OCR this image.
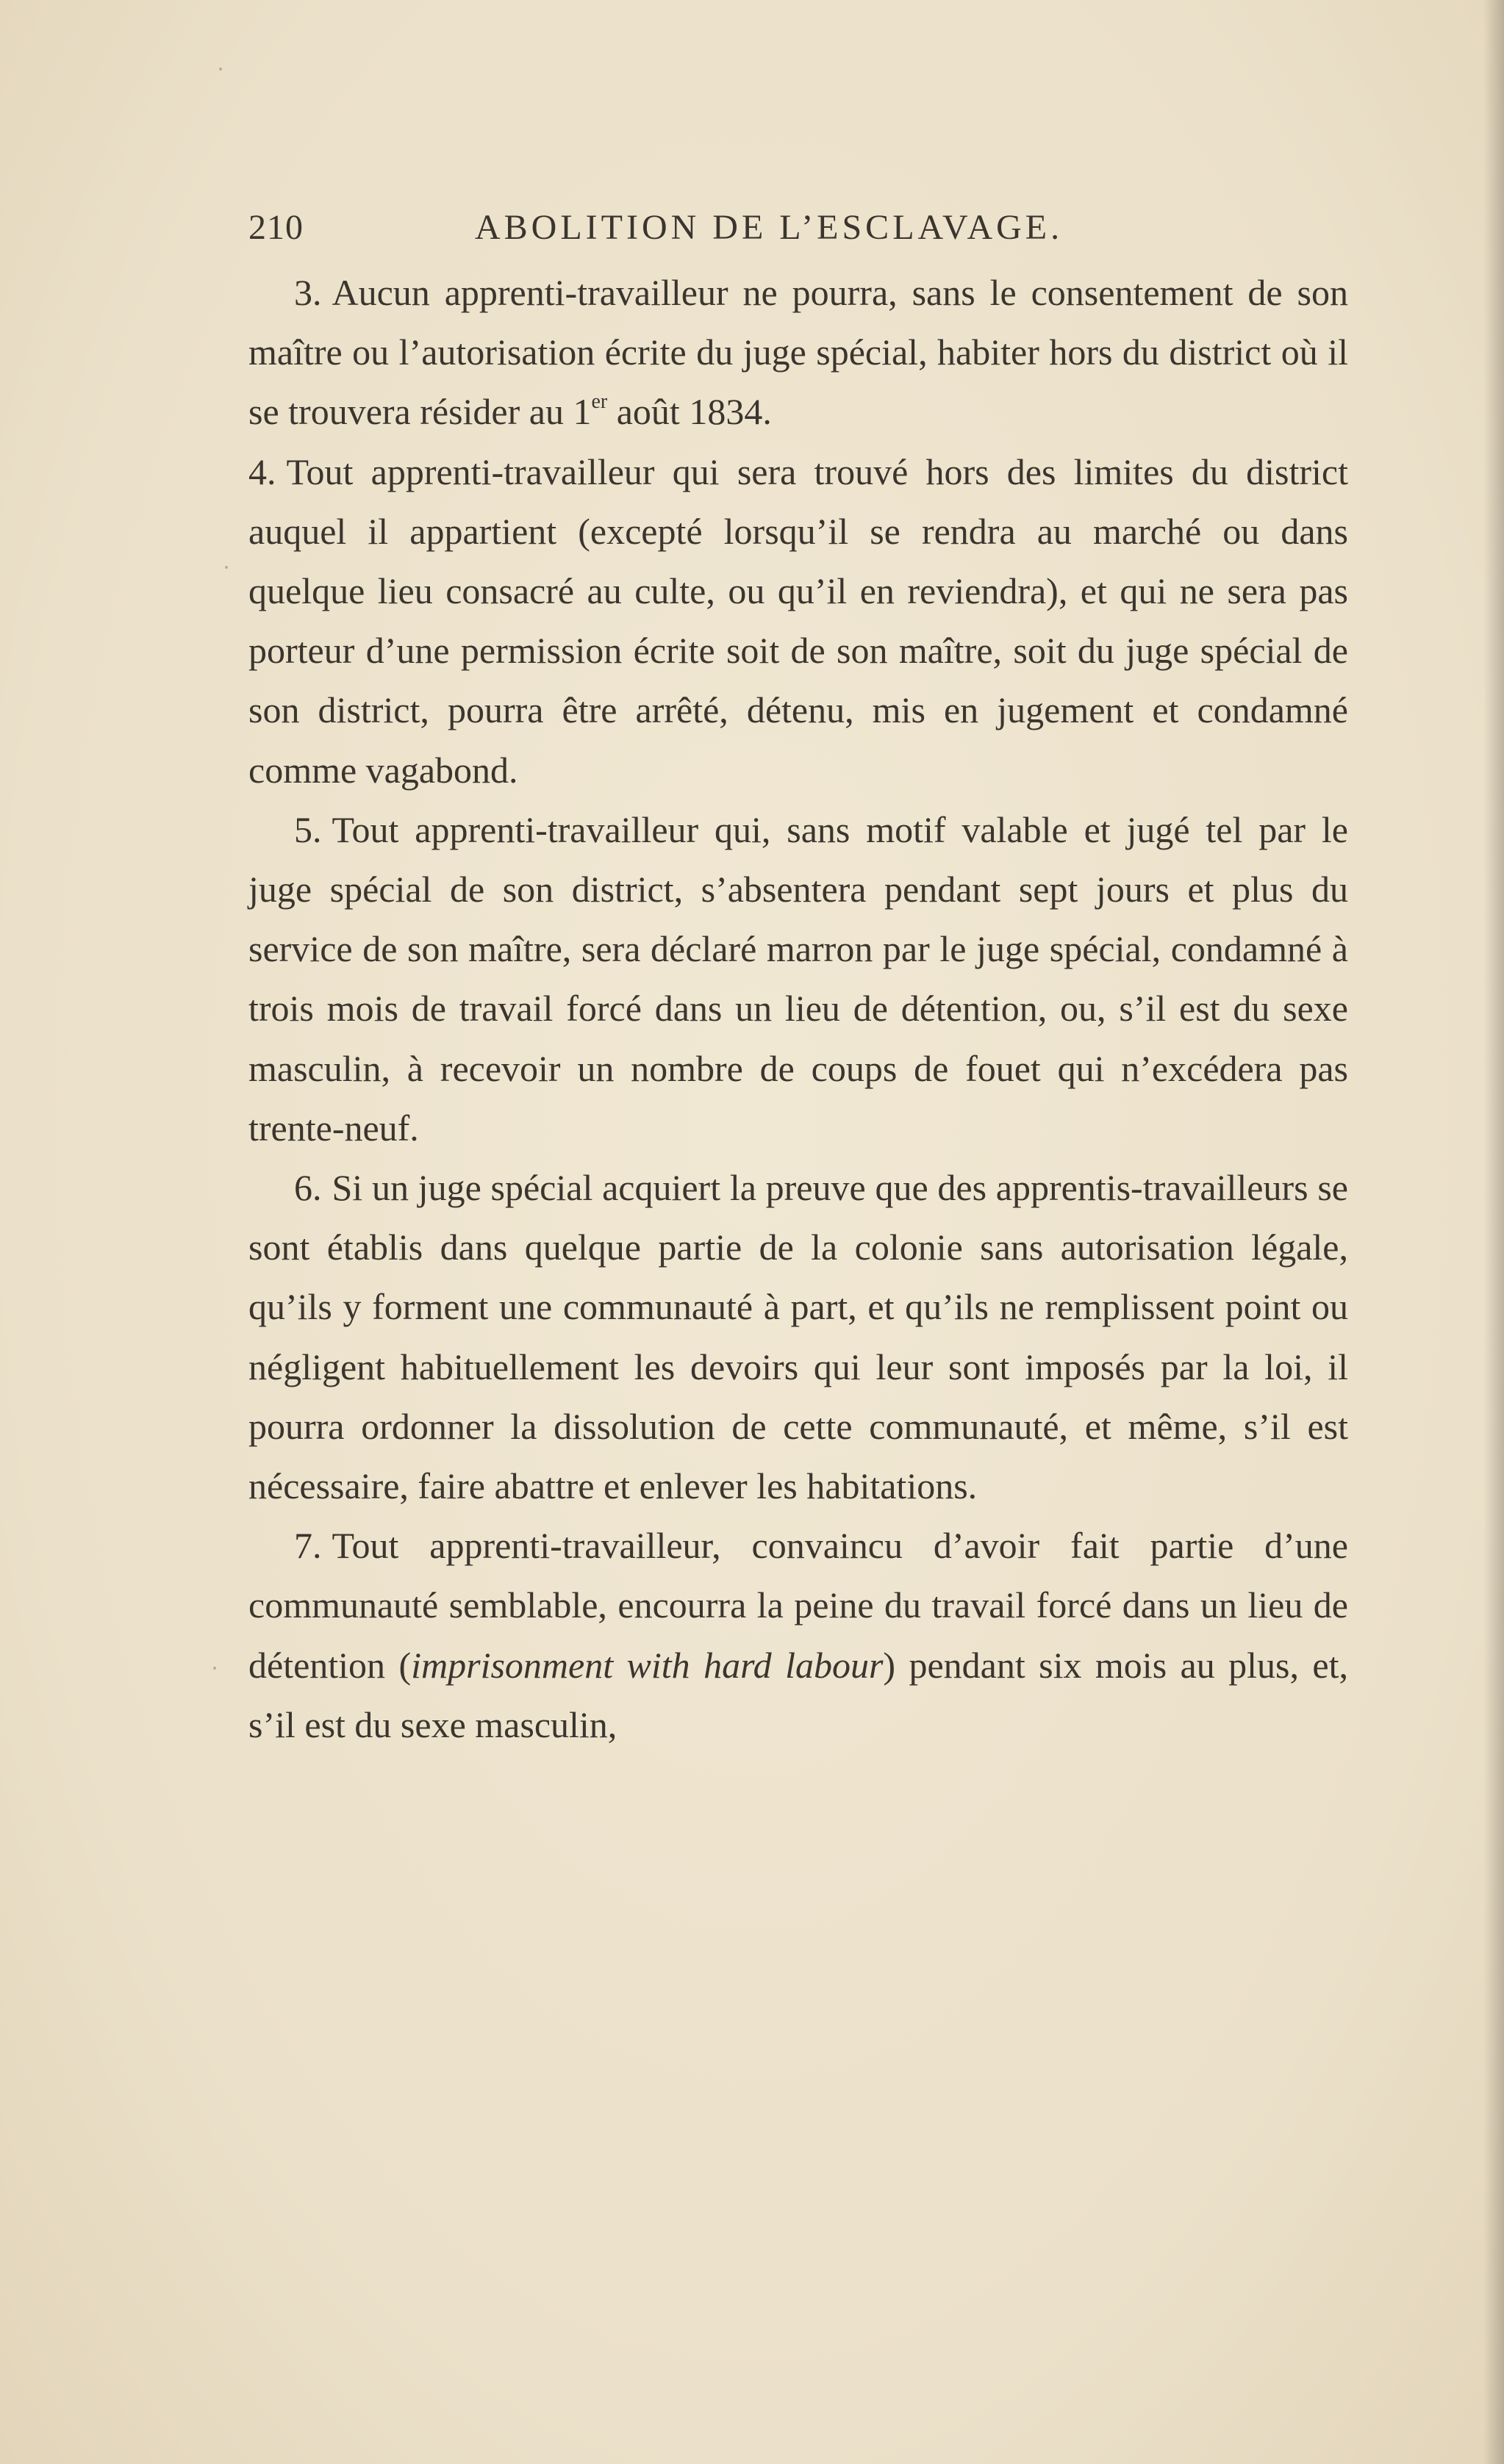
210	ABOLITION DE L’ESCLAVAGE.

3. Aucun apprenti-travailleur ne pourra, sans le consentement de son maître ou l’autorisation écrite du juge spécial, habiter hors du district où il se trouvera résider au 1er août 1834.

4. Tout apprenti-travailleur qui sera trouvé hors des limites du district auquel il appartient (excepté lorsqu’il se rendra au marché ou dans quelque lieu consacré au culte, ou qu’il en reviendra), et qui ne sera pas porteur d’une permission écrite soit de son maître, soit du juge spécial de son district, pourra être arrêté, détenu, mis en jugement et condamné comme vagabond.

5. Tout apprenti-travailleur qui, sans motif valable et jugé tel par le juge spécial de son district, s’absentera pendant sept jours et plus du service de son maître, sera déclaré marron par le juge spécial, condamné à trois mois de travail forcé dans un lieu de détention, ou, s’il est du sexe masculin, à recevoir un nombre de coups de fouet qui n’excédera pas trente-neuf.

6. Si un juge spécial acquiert la preuve que des apprentis-travailleurs se sont établis dans quelque partie de la colonie sans autorisation légale, qu’ils y forment une communauté à part, et qu’ils ne remplissent point ou négligent habituellement les devoirs qui leur sont imposés par la loi, il pourra ordonner la dissolution de cette communauté, et même, s’il est nécessaire, faire abattre et enlever les habitations.

7. Tout apprenti-travailleur, convaincu d’avoir fait partie d’une communauté semblable, encourra la peine du travail forcé dans un lieu de détention (imprisonment with hard labour) pendant six mois au plus, et, s’il est du sexe masculin,
